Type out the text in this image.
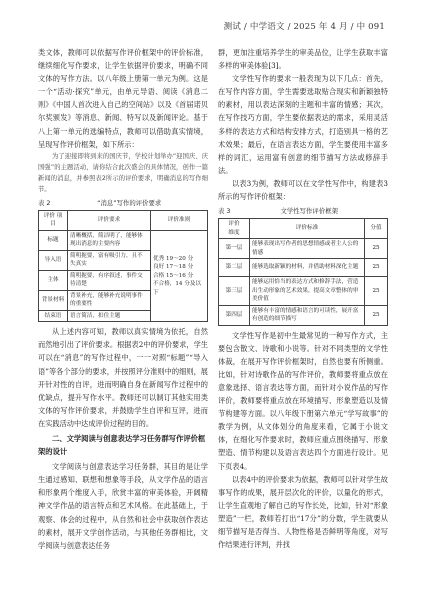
测试 / 中学语文 / 2025 年 4 月 / 中 091

类文体，教师可以依据写作评价框架中的评价标准，继续细化写作要求，让学生依据评价要求，明确不同文体的写作方法。以八年级上册第一单元为例。这是一个“活动·探究”单元，由单元导语、阅读《消息二则》《中国人首次进入自己的空间站》以及《首届诺贝尔奖颁发》等消息、新闻、特写以及新闻评论。基于八上第一单元的选编特点，教师可以借助真实情境，呈现写作评价框架，如下所示：

为了迎接即将到来的国庆节，学校计划举办“迎国庆、庆国强”的主题活动，请你结合此次盛会的具体情况，创作一篇新闻的消息，并参照表2所示的评价要求，明确消息的写作细节。

表 2	“消息”写作的评价要求
评价 项目	评价要求	评价准则
标题	清晰概括，简洁明了，能够体现出消息的主要内容	优秀 19～20 分
良好 17～18 分
合格 15～16 分
不合格，14 分及以下
导入语	简明扼要，富有吸引力，且不失真实	
主体	简明扼要，有序叙述，事件交待清楚	
背景材料	背景补充，能够补充说明事件的重要性	
结束语	语言简洁，扣住主题	

从上述内容可知，教师以真实情境为依托，自然而然地引出了评价要求。根据表2中的评价要求，学生可以在“消息”的写作过程中，一一对照“标题”“导入语”等各个部分的要求，并按照评分准则中的细则，展开针对性的自评，进而明确自身在新闻写作过程中的优缺点，提升写作水平。教师还可以制订其他实用类文体的写作评价要求，并鼓励学生自评和互评，进而在实践活动中达成评价过程的目的。

二、文学阅读与创意表达学习任务群写作评价框架的设计

文学阅读与创意表达学习任务群，其目的是让学生通过感知、联想和想象等手段，从文学作品的语言和形象两个维度入手，欣赏丰富的审美体验，开阔精神文学作品的语言特点和艺术风格。在此基础上，于观察、体会的过程中，从自然和社会中获取创作表达的素材，展开文学创作活动，与其他任务群相比，文学阅读与创意表达任务

群，更加注重培养学生的审美品位，让学生获取丰富多样的审美体验[3]。

文学性写作的要求一般表现为以下几点：首先，在写作内容方面，学生需要选取贴合现实和新颖独特的素材，用以表达深刻的主题和丰富的情感；其次，在写作技巧方面，学生要依据表达的需求，采用灵活多样的表达方式和结构安排方式，打造别具一格的艺术效果；最后，在语言表达方面，学生要使用丰富多样的词汇，运用富有创意的细节描写方法或修辞手法。

以表3为例，教师可以在文学性写作中，构建表3所示的写作评价框架：

表 3	文学性写作评价框架
评价
维度	评价标准	分值
第一层	能够表现出写作者的思想情感或者主人公的情感	25
第二层	能够选取新颖的材料，并借助材料深化主题	25
第三层	能够运用恰当的表达方式和修辞手法，营造出生动形象的艺术效果，提高文章整体的审美价值	25
第四层	能够有丰富的情感和语言的可读性，展开富有创造的细节描写	25

文学性写作是初中生最常见的一种写作方式，主要包含散文、诗歌和小说等。针对不同类型的文学性体裁，在展开写作评价框架时，自然也要有所侧重。比如，针对诗歌作品的写作评价，教师要将重点放在意象选择、语言表达等方面，而针对小说作品的写作评价，教师要将重点放在环境描写、形象塑造以及情节构建等方面。以八年级下册第六单元“学写故事”的教学为例，从文体划分的角度来看，它属于小说文体，在细化写作要求时，教师应重点围绕描写、形象塑造、情节构建以及语言表达四个方面进行设计。见下页表4。

以表4中的评价要求为依据，教师可以针对学生故事写作的成果，展开层次化的评价，以量化的形式，让学生直观地了解自己的写作长处，比如，针对“形象塑造”一栏，教师若打出“17分”的分数，学生就要从细节描写是否得当、人物性格是否鲜明等角度，对写作结果进行评判，并找
